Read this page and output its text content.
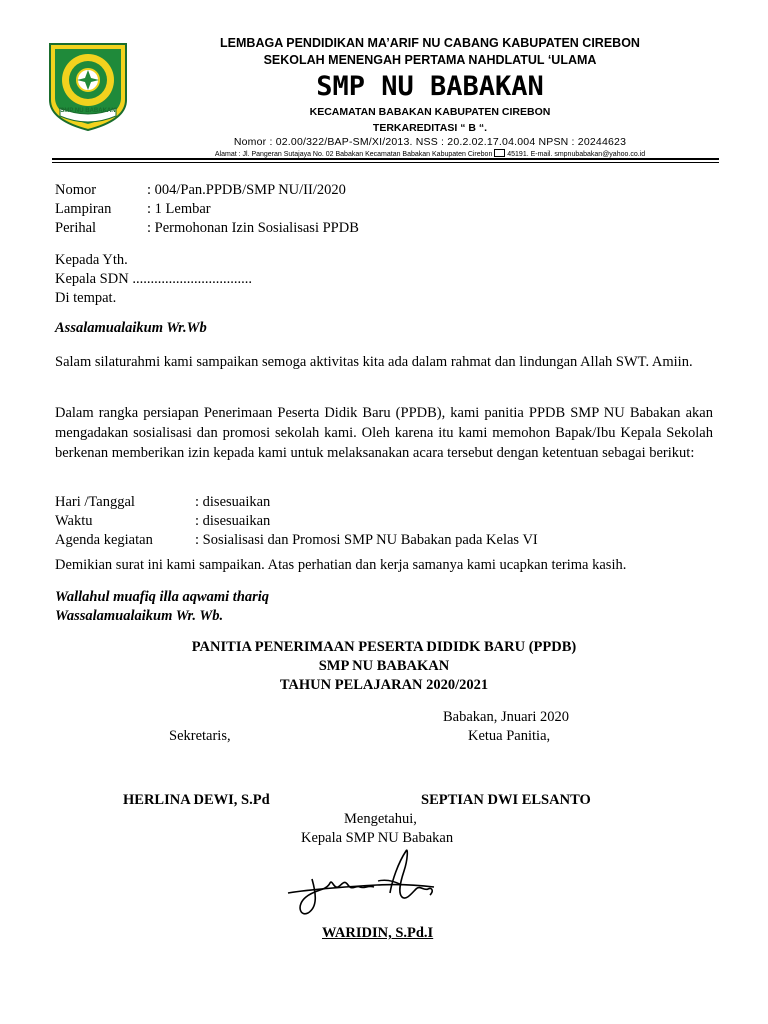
SMP NU BABAKAN
LEMBAGA PENDIDIKAN MA’ARIF NU CABANG KABUPATEN CIREBON
SEKOLAH MENENGAH PERTAMA NAHDLATUL ‘ULAMA
SMP NU BABAKAN
KECAMATAN BABAKAN KABUPATEN CIREBON
TERKAREDITASI “ B “.
Nomor : 02.00/322/BAP-SM/XI/2013. NSS : 20.2.02.17.04.004 NPSN : 20244623
Alamat : Jl. Pangeran Sutajaya No. 02 Babakan Kecamatan Babakan Kabupaten Cirebon 45191. E-mail. smpnubabakan@yahoo.co.id
Nomor	: 004/Pan.PPDB/SMP NU/II/2020
Lampiran	: 1 Lembar
Perihal	: Permohonan Izin Sosialisasi PPDB
Kepada Yth.
Kepala SDN .................................
Di tempat.
Assalamualaikum Wr.Wb
Salam silaturahmi kami sampaikan semoga aktivitas kita ada dalam rahmat dan lindungan Allah SWT. Amiin.
Dalam rangka persiapan Penerimaan Peserta Didik Baru (PPDB), kami panitia PPDB SMP NU Babakan akan mengadakan sosialisasi dan promosi sekolah kami. Oleh karena itu kami memohon Bapak/Ibu Kepala Sekolah berkenan memberikan izin kepada kami untuk melaksanakan acara tersebut dengan ketentuan sebagai berikut:
Hari /Tanggal	: disesuaikan
Waktu	: disesuaikan
Agenda kegiatan	: Sosialisasi dan Promosi SMP NU Babakan pada Kelas VI
Demikian surat ini kami sampaikan. Atas perhatian dan kerja samanya kami ucapkan terima kasih.
Wallahul muafiq illa aqwami thariq
Wassalamualaikum Wr. Wb.
PANITIA PENERIMAAN PESERTA DIDIDK BARU (PPDB)
SMP NU BABAKAN
TAHUN PELAJARAN 2020/2021
Babakan, Jnuari 2020
Sekretaris,	Ketua Panitia,
HERLINA DEWI, S.Pd	SEPTIAN DWI ELSANTO
Mengetahui,
Kepala SMP NU Babakan
WARIDIN, S.Pd.I
